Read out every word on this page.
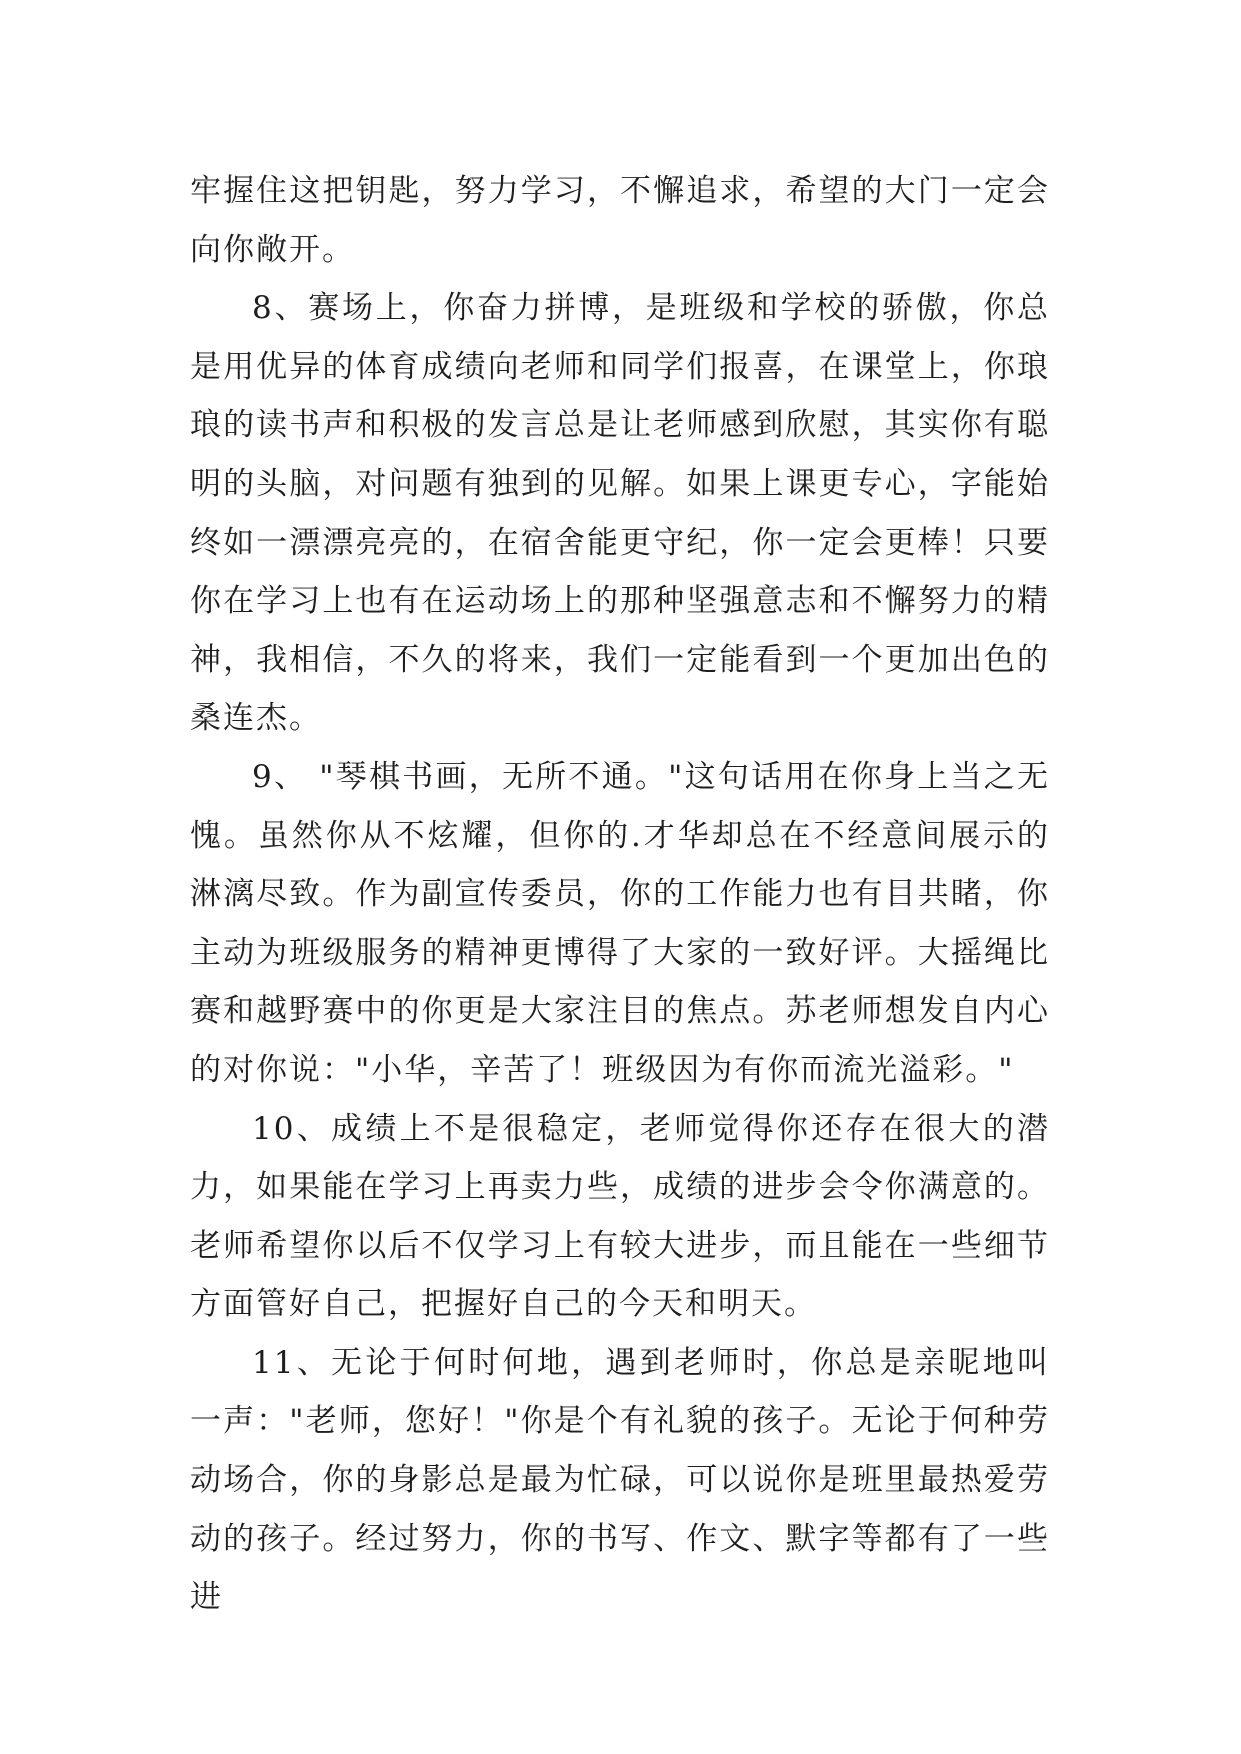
牢握住这把钥匙，努力学习，不懈追求，希望的大门一定会向你敞开。

8、赛场上，你奋力拼博，是班级和学校的骄傲，你总是用优异的体育成绩向老师和同学们报喜，在课堂上，你琅琅的读书声和积极的发言总是让老师感到欣慰，其实你有聪明的头脑，对问题有独到的见解。如果上课更专心，字能始终如一漂漂亮亮的，在宿舍能更守纪，你一定会更棒！只要你在学习上也有在运动场上的那种坚强意志和不懈努力的精神，我相信，不久的将来，我们一定能看到一个更加出色的桑连杰。

9、 "琴棋书画，无所不通。"这句话用在你身上当之无愧。虽然你从不炫耀，但你的.才华却总在不经意间展示的淋漓尽致。作为副宣传委员，你的工作能力也有目共睹，你主动为班级服务的精神更博得了大家的一致好评。大摇绳比赛和越野赛中的你更是大家注目的焦点。苏老师想发自内心的对你说："小华，辛苦了！班级因为有你而流光溢彩。"

10、成绩上不是很稳定，老师觉得你还存在很大的潜力，如果能在学习上再卖力些，成绩的进步会令你满意的。老师希望你以后不仅学习上有较大进步，而且能在一些细节方面管好自己，把握好自己的今天和明天。

11、无论于何时何地，遇到老师时，你总是亲昵地叫一声："老师，您好！"你是个有礼貌的孩子。无论于何种劳动场合，你的身影总是最为忙碌，可以说你是班里最热爱劳动的孩子。经过努力，你的书写、作文、默字等都有了一些进
